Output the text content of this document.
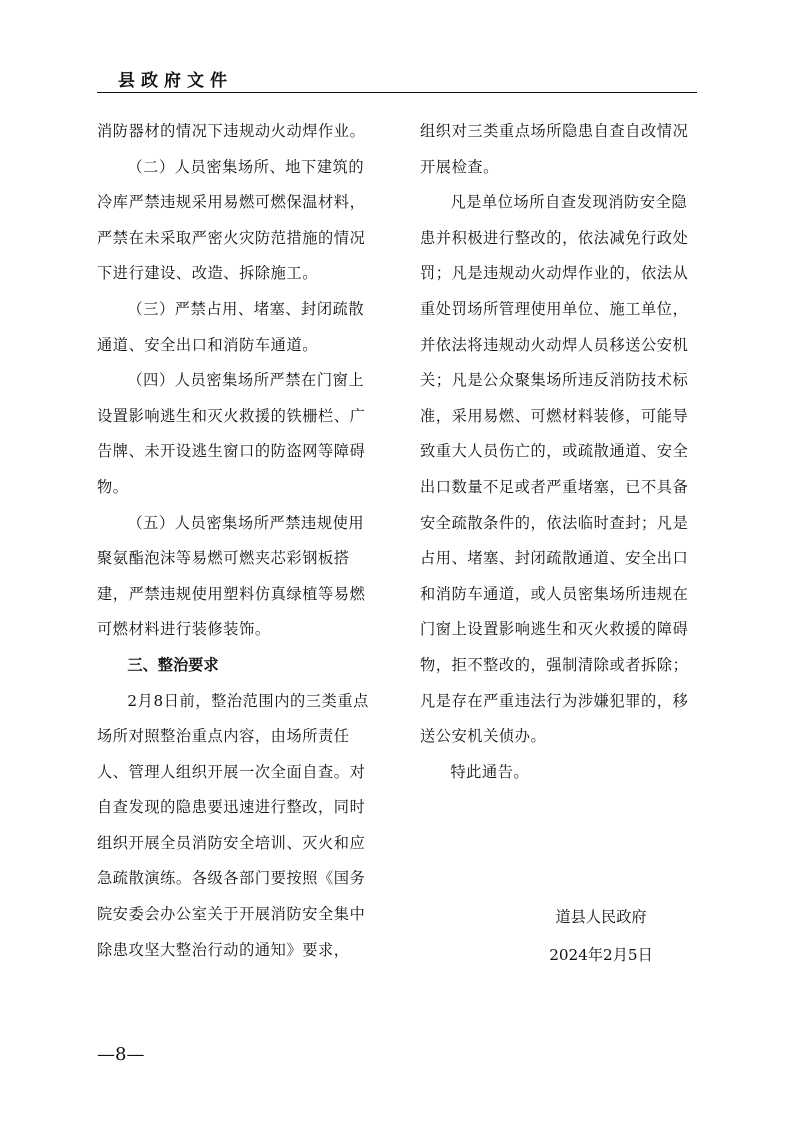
县政府文件

消防器材的情况下违规动火动焊作业。

（二）人员密集场所、地下建筑的冷库严禁违规采用易燃可燃保温材料，严禁在未采取严密火灾防范措施的情况下进行建设、改造、拆除施工。

（三）严禁占用、堵塞、封闭疏散通道、安全出口和消防车通道。

（四）人员密集场所严禁在门窗上设置影响逃生和灭火救援的铁栅栏、广告牌、未开设逃生窗口的防盗网等障碍物。

（五）人员密集场所严禁违规使用聚氨酯泡沫等易燃可燃夹芯彩钢板搭建，严禁违规使用塑料仿真绿植等易燃可燃材料进行装修装饰。

三、整治要求

2月8日前，整治范围内的三类重点场所对照整治重点内容，由场所责任人、管理人组织开展一次全面自查。对自查发现的隐患要迅速进行整改，同时组织开展全员消防安全培训、灭火和应急疏散演练。各级各部门要按照《国务院安委会办公室关于开展消防安全集中除患攻坚大整治行动的通知》要求，

组织对三类重点场所隐患自查自改情况开展检查。

凡是单位场所自查发现消防安全隐患并积极进行整改的，依法减免行政处罚；凡是违规动火动焊作业的，依法从重处罚场所管理使用单位、施工单位，并依法将违规动火动焊人员移送公安机关；凡是公众聚集场所违反消防技术标准，采用易燃、可燃材料装修，可能导致重大人员伤亡的，或疏散通道、安全出口数量不足或者严重堵塞，已不具备安全疏散条件的，依法临时查封；凡是占用、堵塞、封闭疏散通道、安全出口和消防车通道，或人员密集场所违规在门窗上设置影响逃生和灭火救援的障碍物，拒不整改的，强制清除或者拆除；凡是存在严重违法行为涉嫌犯罪的，移送公安机关侦办。

特此通告。

道县人民政府
2024年2月5日
—8—
